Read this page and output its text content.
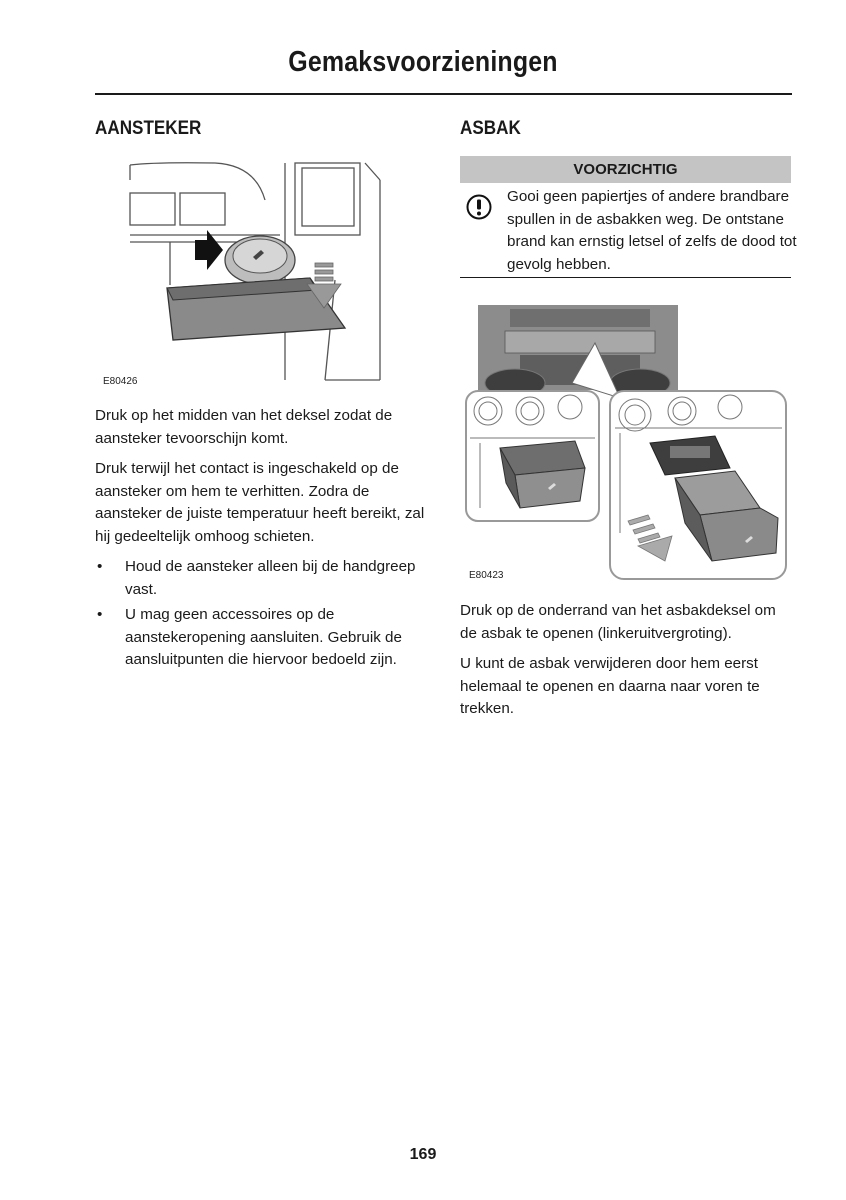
Gemaksvoorzieningen
AANSTEKER
E80426

Druk op het midden van het deksel zodat de aansteker tevoorschijn komt.

Druk terwijl het contact is ingeschakeld op de aansteker om hem te verhitten. Zodra de aansteker de juiste temperatuur heeft bereikt, zal hij gedeeltelijk omhoog schieten.

• Houd de aansteker alleen bij de handgreep vast.
• U mag geen accessoires op de aanstekeropening aansluiten. Gebruik de aansluitpunten die hiervoor bedoeld zijn.
ASBAK
VOORZICHTIG
Gooi geen papiertjes of andere brandbare spullen in de asbakken weg. De ontstane brand kan ernstig letsel of zelfs de dood tot gevolg hebben.
E80423

Druk op de onderrand van het asbakdeksel om de asbak te openen (linkeruitvergroting).

U kunt de asbak verwijderen door hem eerst helemaal te openen en daarna naar voren te trekken.

169
